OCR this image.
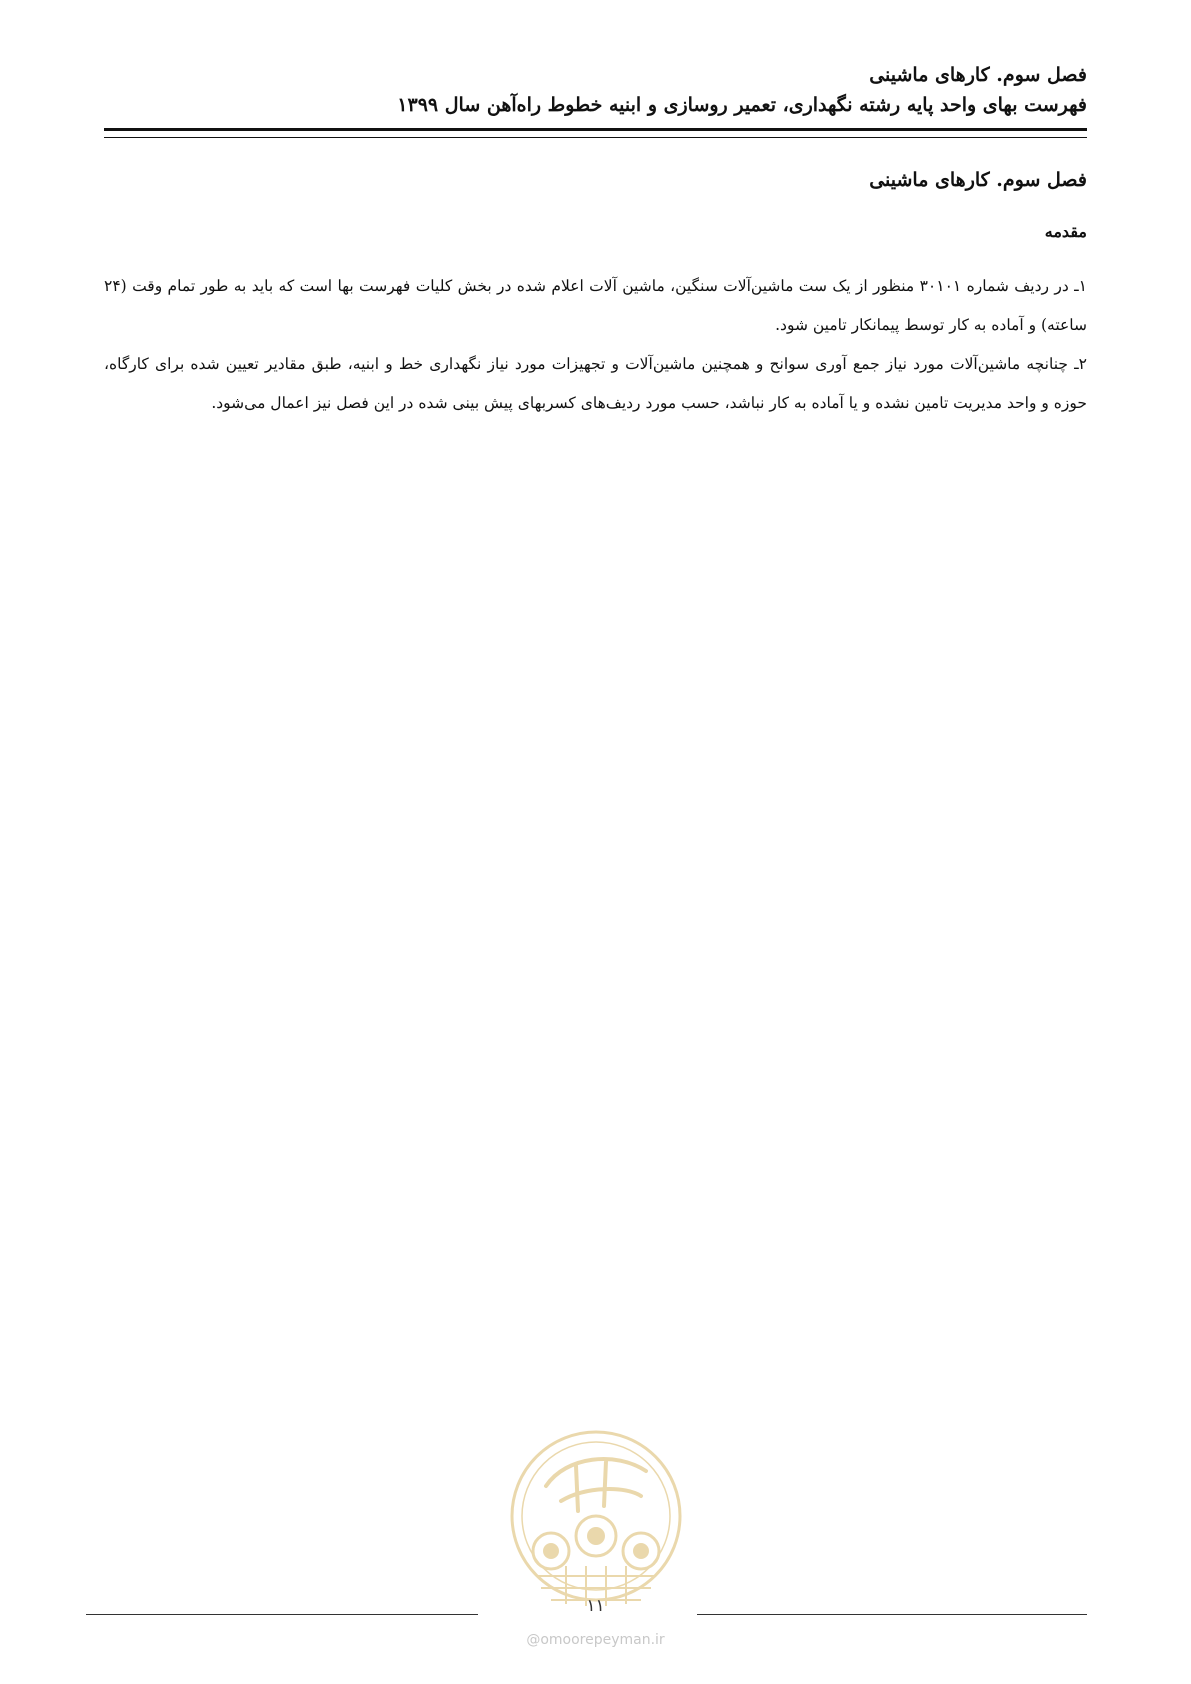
فصل سوم. کارهای ماشینی

فهرست بهای واحد پایه رشته نگهداری، تعمیر روسازی و ابنیه خطوط راه‌آهن سال ۱۳۹۹

فصل سوم. کارهای ماشینی
مقدمه

۱ـ در ردیف شماره ۳۰۱۰۱ منظور از یک ست ماشین‌آلات سنگین، ماشین آلات اعلام شده در بخش کلیات فهرست بها است که باید به طور تمام وقت (۲۴ ساعته) و آماده به کار توسط پیمانکار تامین شود.

۲ـ چنانچه ماشین‌آلات مورد نیاز جمع آوری سوانح و همچنین ماشین‌آلات و تجهیزات مورد نیاز نگهداری خط و ابنیه، طبق مقادیر تعیین شده برای کارگاه، حوزه و واحد مدیریت تامین نشده و یا آماده به کار نباشد، حسب مورد ردیف‌های کسربهای پیش بینی شده در این فصل نیز اعمال می‌شود.

۱۱
@omoorepeyman.ir
